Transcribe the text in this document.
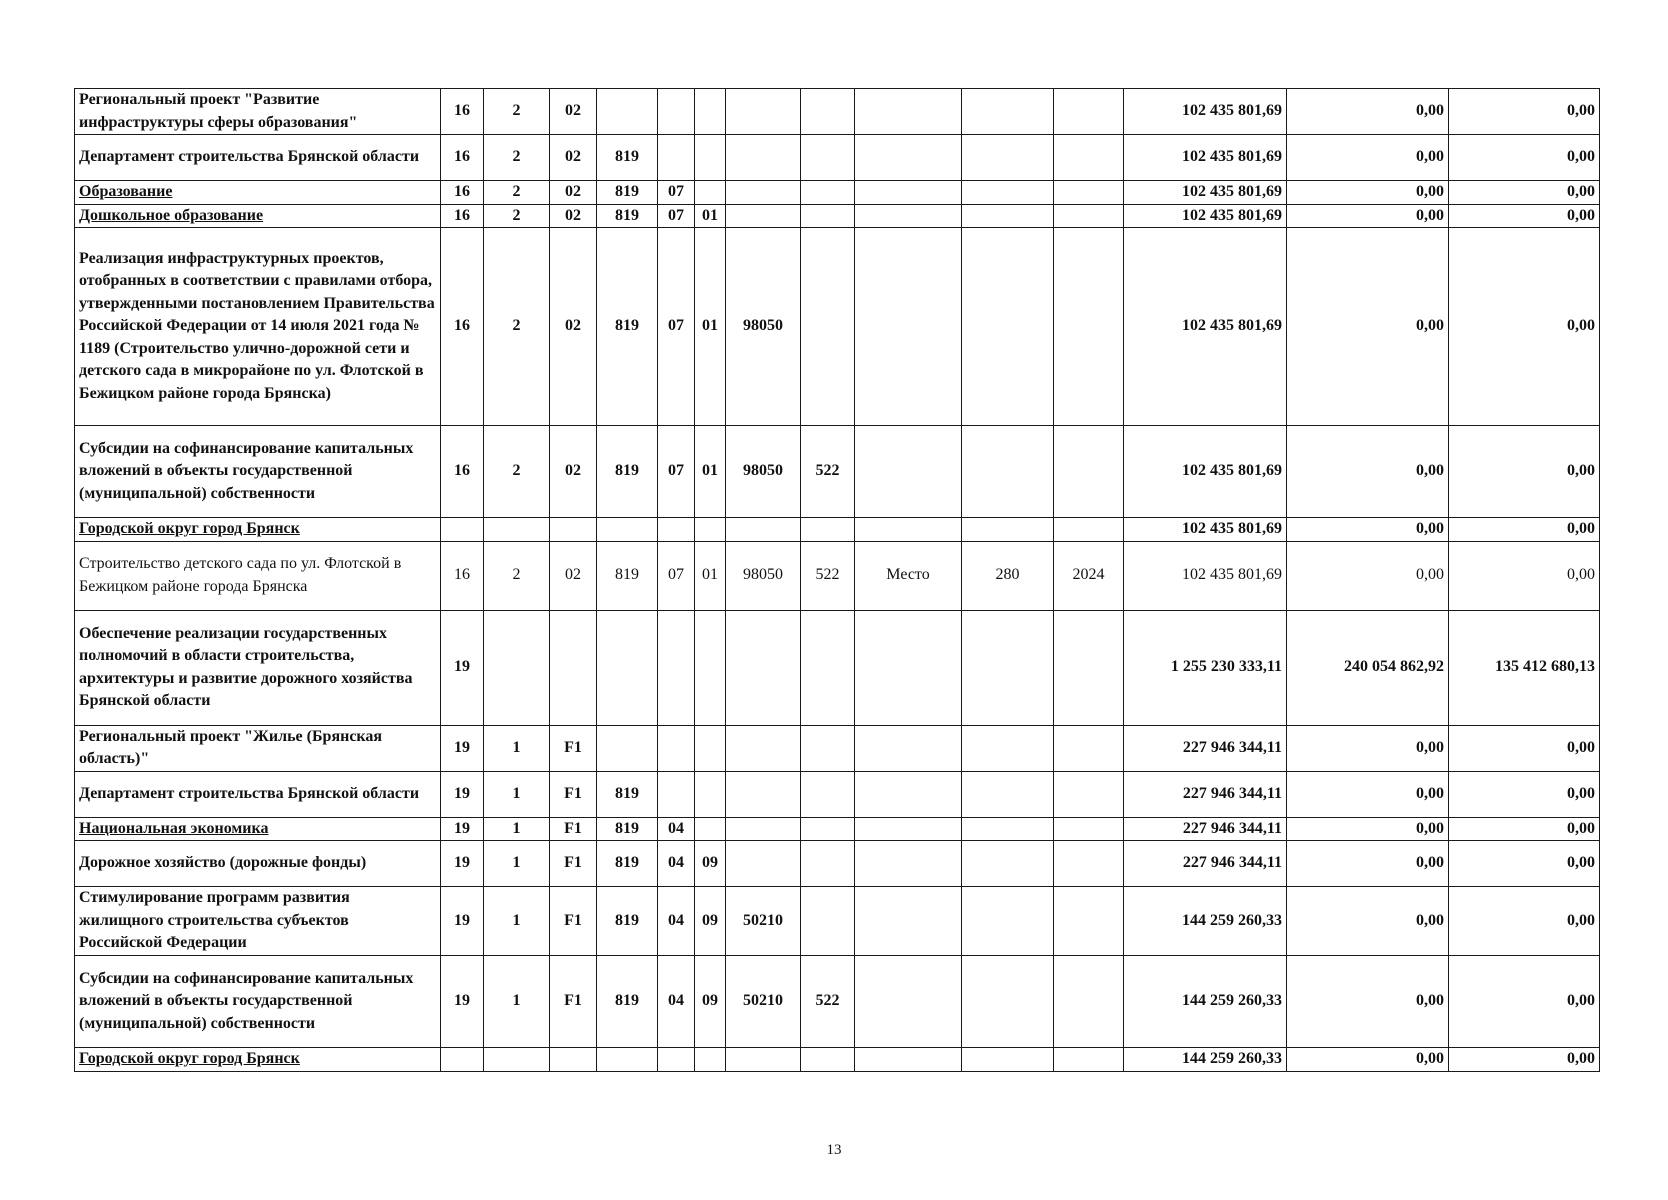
Региональный проект "Развитие инфраструктуры сферы образования"	16	2	02									102 435 801,69	0,00	0,00
Департамент строительства Брянской области	16	2	02	819								102 435 801,69	0,00	0,00
Образование	16	2	02	819	07							102 435 801,69	0,00	0,00
Дошкольное образование	16	2	02	819	07	01						102 435 801,69	0,00	0,00
Реализация инфраструктурных проектов, отобранных в соответствии с правилами отбора, утвержденными постановлением Правительства Российской Федерации от 14 июля 2021 года № 1189 (Строительство улично-дорожной сети и детского сада в микрорайоне по ул. Флотской в Бежицком районе города Брянска)	16	2	02	819	07	01	98050					102 435 801,69	0,00	0,00
Субсидии на софинансирование капитальных вложений в объекты государственной (муниципальной) собственности	16	2	02	819	07	01	98050	522				102 435 801,69	0,00	0,00
Городской округ город Брянск												102 435 801,69	0,00	0,00
Строительство детского сада по ул. Флотской в Бежицком районе города Брянска	16	2	02	819	07	01	98050	522	Место	280	2024	102 435 801,69	0,00	0,00
Обеспечение реализации государственных полномочий в области строительства, архитектуры и развитие дорожного хозяйства Брянской области	19											1 255 230 333,11	240 054 862,92	135 412 680,13
Региональный проект "Жилье (Брянская область)"	19	1	F1									227 946 344,11	0,00	0,00
Департамент строительства Брянской области	19	1	F1	819								227 946 344,11	0,00	0,00
Национальная экономика	19	1	F1	819	04							227 946 344,11	0,00	0,00
Дорожное хозяйство (дорожные фонды)	19	1	F1	819	04	09						227 946 344,11	0,00	0,00
Стимулирование программ развития жилищного строительства субъектов Российской Федерации	19	1	F1	819	04	09	50210					144 259 260,33	0,00	0,00
Субсидии на софинансирование капитальных вложений в объекты государственной (муниципальной) собственности	19	1	F1	819	04	09	50210	522				144 259 260,33	0,00	0,00
Городской округ город Брянск												144 259 260,33	0,00	0,00
13
